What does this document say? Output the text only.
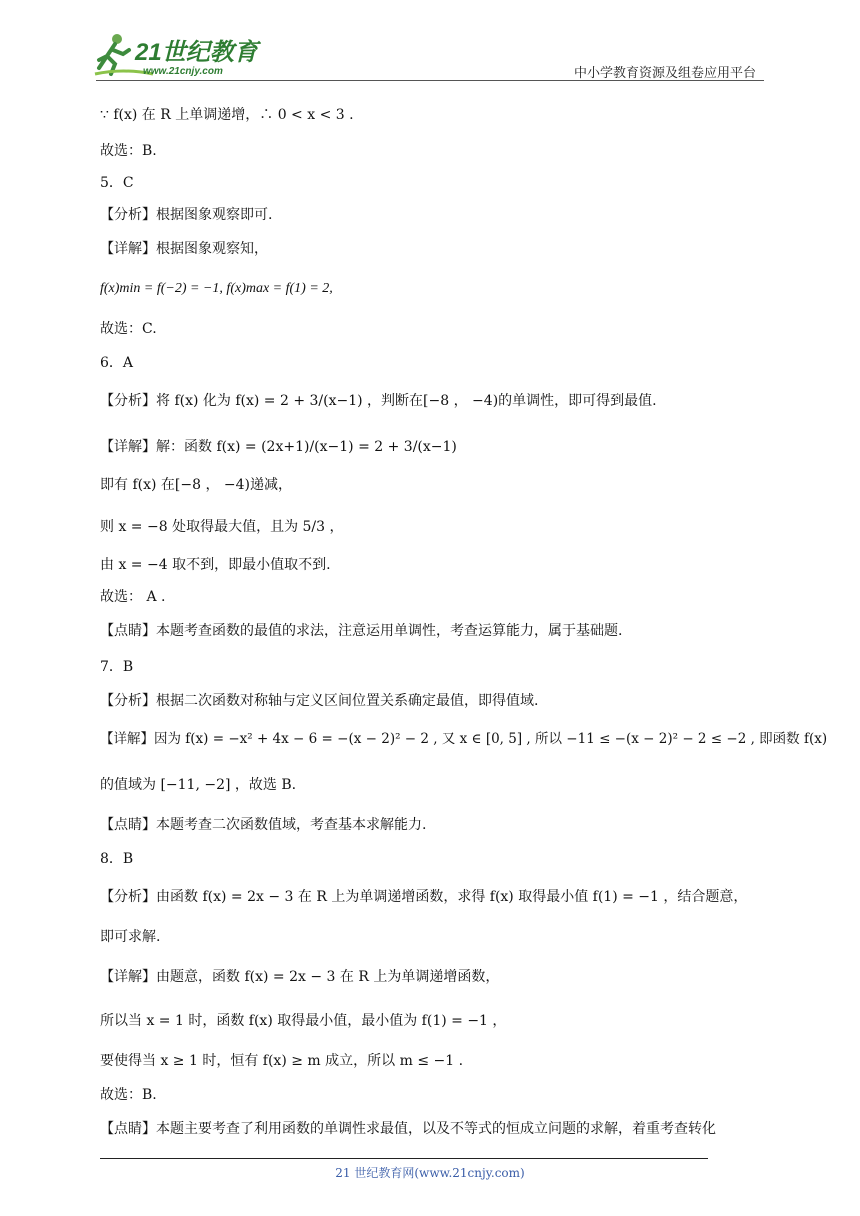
21世纪教育
www.21cnjy.com	中小学教育资源及组卷应用平台
∵ f(x) 在 R 上单调递增，∴ 0 < x < 3 .
故选：B.
5．C
【分析】根据图象观察即可.
【详解】根据图象观察知，
f(x)min = f(−2) = −1, f(x)max = f(1) = 2,
故选：C.
6．A
【分析】将 f(x) 化为 f(x) = 2 + 3/(x−1) ，判断在[−8 ， −4)的单调性，即可得到最值.
【详解】解：函数 f(x) = (2x+1)/(x−1) = 2 + 3/(x−1)
即有 f(x) 在[−8 ， −4)递减，
则 x = −8 处取得最大值，且为 5/3 ，
由 x = −4 取不到，即最小值取不到.
故选： A .
【点睛】本题考查函数的最值的求法，注意运用单调性，考查运算能力，属于基础题.
7．B
【分析】根据二次函数对称轴与定义区间位置关系确定最值，即得值域.
【详解】因为 f(x) = −x² + 4x − 6 = −(x − 2)² − 2 , 又 x ∈ [0, 5] , 所以 −11 ≤ −(x − 2)² − 2 ≤ −2 , 即函数 f(x)
的值域为 [−11, −2] ，故选 B.
【点睛】本题考查二次函数值域，考查基本求解能力.
8．B
【分析】由函数 f(x) = 2x − 3 在 R 上为单调递增函数，求得 f(x) 取得最小值 f(1) = −1 ，结合题意，
即可求解.
【详解】由题意，函数 f(x) = 2x − 3 在 R 上为单调递增函数，
所以当 x = 1 时，函数 f(x) 取得最小值，最小值为 f(1) = −1 ，
要使得当 x ≥ 1 时，恒有 f(x) ≥ m 成立，所以 m ≤ −1 .
故选：B.
【点睛】本题主要考查了利用函数的单调性求最值，以及不等式的恒成立问题的求解，着重考查转化
21 世纪教育网(www.21cnjy.com)
